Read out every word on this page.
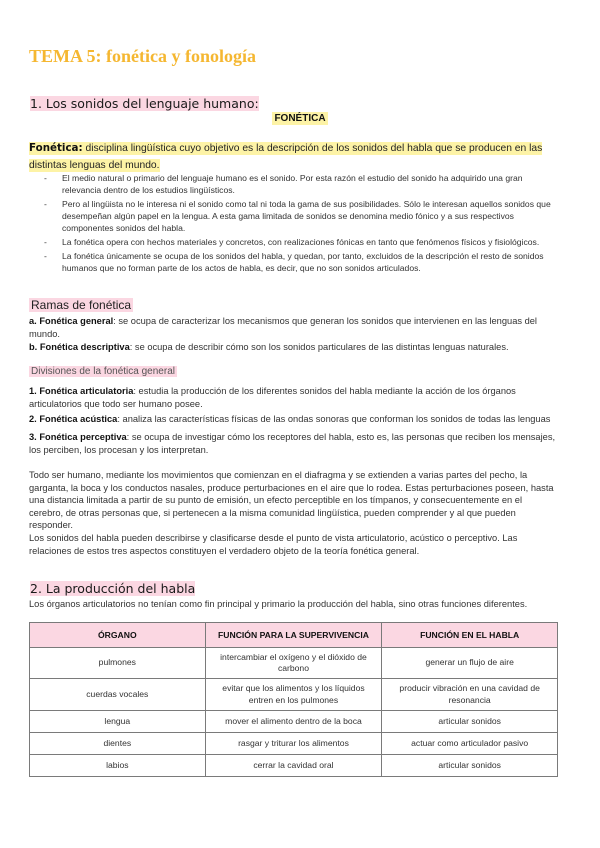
TEMA 5: fonética y fonología
1. Los sonidos del lenguaje humano:
FONÉTICA
Fonética: disciplina lingüística cuyo objetivo es la descripción de los sonidos del habla que se producen en las distintas lenguas del mundo.
- El medio natural o primario del lenguaje humano es el sonido. Por esta razón el estudio del sonido ha adquirido una gran relevancia dentro de los estudios lingüísticos.
- Pero al lingüista no le interesa ni el sonido como tal ni toda la gama de sus posibilidades. Sólo le interesan aquellos sonidos que desempeñan algún papel en la lengua. A esta gama limitada de sonidos se denomina medio fónico y a sus respectivos componentes sonidos del habla.
- La fonética opera con hechos materiales y concretos, con realizaciones fónicas en tanto que fenómenos físicos y fisiológicos.
- La fonética únicamente se ocupa de los sonidos del habla, y quedan, por tanto, excluidos de la descripción el resto de sonidos humanos que no forman parte de los actos de habla, es decir, que no son sonidos articulados.
Ramas de fonética
a. Fonética general: se ocupa de caracterizar los mecanismos que generan los sonidos que intervienen en las lenguas del mundo.
b. Fonética descriptiva: se ocupa de describir cómo son los sonidos particulares de las distintas lenguas naturales.
Divisiones de la fonética general
1. Fonética articulatoria: estudia la producción de los diferentes sonidos del habla mediante la acción de los órganos articulatorios que todo ser humano posee.
2. Fonética acústica: analiza las características físicas de las ondas sonoras que conforman los sonidos de todas las lenguas
3. Fonética perceptiva: se ocupa de investigar cómo los receptores del habla, esto es, las personas que reciben los mensajes, los perciben, los procesan y los interpretan.
Todo ser humano, mediante los movimientos que comienzan en el diafragma y se extienden a varias partes del pecho, la garganta, la boca y los conductos nasales, produce perturbaciones en el aire que lo rodea. Estas perturbaciones poseen, hasta una distancia limitada a partir de su punto de emisión, un efecto perceptible en los tímpanos, y consecuentemente en el cerebro, de otras personas que, si pertenecen a la misma comunidad lingüística, pueden comprender y al que pueden responder.
Los sonidos del habla pueden describirse y clasificarse desde el punto de vista articulatorio, acústico o perceptivo. Las relaciones de estos tres aspectos constituyen el verdadero objeto de la teoría fonética general.
2. La producción del habla
Los órganos articulatorios no tenían como fin principal y primario la producción del habla, sino otras funciones diferentes.
ÓRGANO	FUNCIÓN PARA LA SUPERVIVENCIA	FUNCIÓN EN EL HABLA
pulmones	intercambiar el oxígeno y el dióxido de carbono	generar un flujo de aire
cuerdas vocales	evitar que los alimentos y los líquidos entren en los pulmones	producir vibración en una cavidad de resonancia
lengua	mover el alimento dentro de la boca	articular sonidos
dientes	rasgar y triturar los alimentos	actuar como articulador pasivo
labios	cerrar la cavidad oral	articular sonidos
